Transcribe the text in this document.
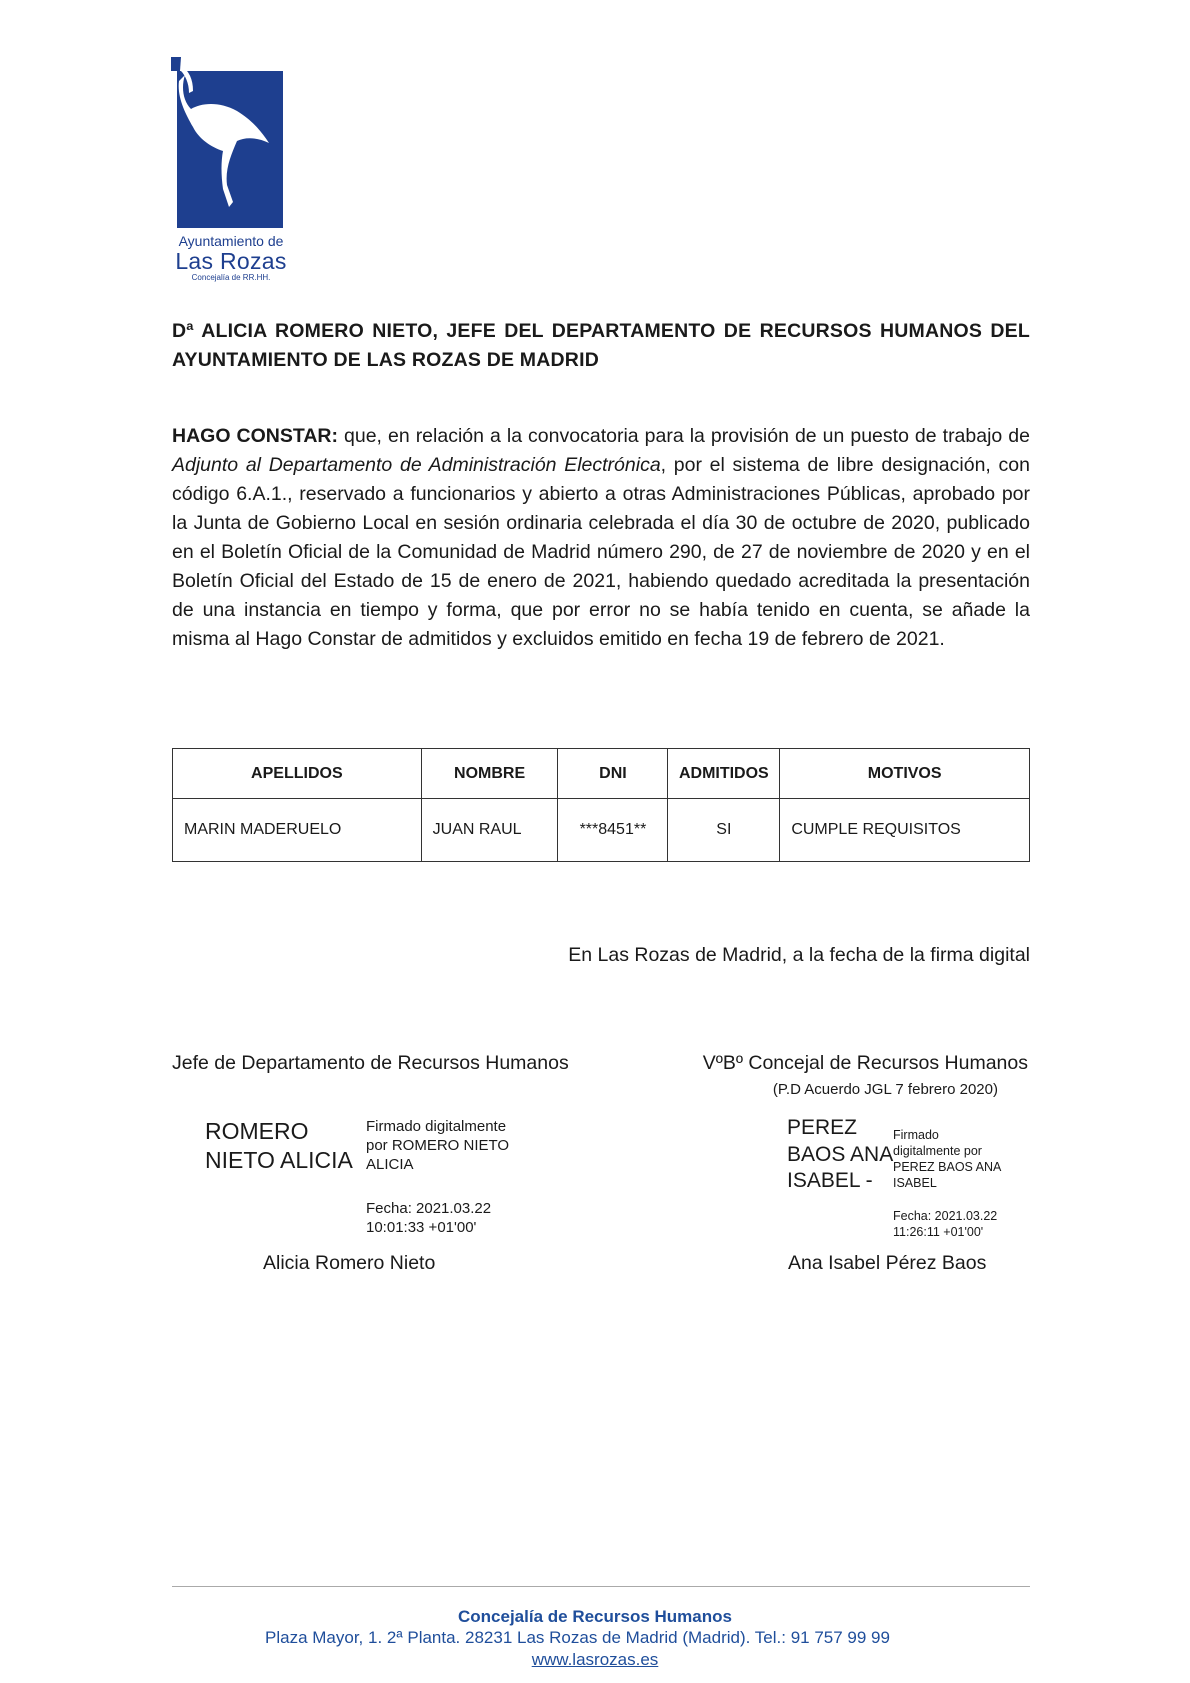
Ayuntamiento de
Las Rozas
Concejalía de RR.HH.
Dª ALICIA ROMERO NIETO, JEFE DEL DEPARTAMENTO DE RECURSOS HUMANOS DEL AYUNTAMIENTO DE LAS ROZAS DE MADRID
HAGO CONSTAR: que, en relación a la convocatoria para la provisión de un puesto de trabajo de Adjunto al Departamento de Administración Electrónica, por el sistema de libre designación, con código 6.A.1., reservado a funcionarios y abierto a otras Administraciones Públicas, aprobado por la Junta de Gobierno Local en sesión ordinaria celebrada el día 30 de octubre de 2020, publicado en el Boletín Oficial de la Comunidad de Madrid número 290, de 27 de noviembre de 2020 y en el Boletín Oficial del Estado de 15 de enero de 2021, habiendo quedado acreditada la presentación de una instancia en tiempo y forma, que por error no se había tenido en cuenta, se añade la misma al Hago Constar de admitidos y excluidos emitido en fecha 19 de febrero de 2021.
APELLIDOS	NOMBRE	DNI	ADMITIDOS	MOTIVOS
MARIN MADERUELO	JUAN RAUL	***8451**	SI	CUMPLE REQUISITOS
En Las Rozas de Madrid, a la fecha de la firma digital
Jefe de Departamento de Recursos Humanos
ROMERO
NIETO ALICIA
Firmado digitalmente
por ROMERO NIETO
ALICIA
Fecha: 2021.03.22
10:01:33 +01'00'
Alicia Romero Nieto
VºBº Concejal de Recursos Humanos
(P.D Acuerdo JGL 7 febrero 2020)
PEREZ
BAOS ANA
ISABEL -
Firmado
digitalmente por
PEREZ BAOS ANA
ISABEL
Fecha: 2021.03.22
11:26:11 +01'00'
Ana Isabel Pérez Baos
Concejalía de Recursos Humanos
Plaza Mayor, 1. 2ª Planta. 28231 Las Rozas de Madrid (Madrid). Tel.: 91 757 99 99
www.lasrozas.es
